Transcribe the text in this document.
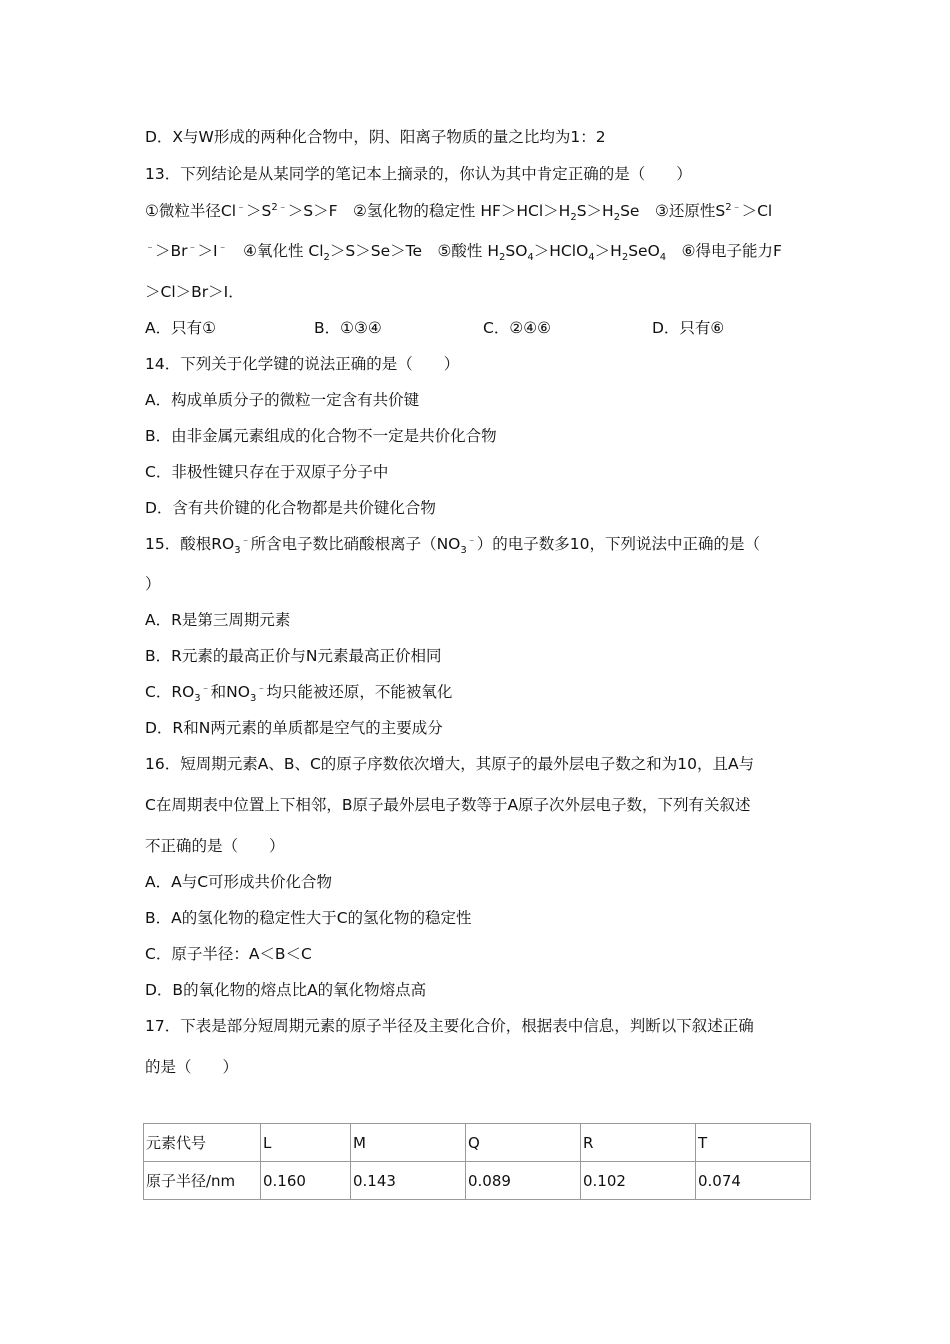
D．X与W形成的两种化合物中，阴、阳离子物质的量之比均为1：2
13．下列结论是从某同学的笔记本上摘录的，你认为其中肯定正确的是（　　）
①微粒半径$Cl^﹣>S^{2﹣}>S>F$　②氢化物的稳定性 $HF>HCl>H_2S>H_2Se$　③还原性$S^{2﹣}>Cl$
﹣＞Br﹣＞I﹣　④氧化性 $Cl_2>S>Se>Te$　⑤酸性 $H_2SO_4>HClO_4>H_2SeO_4$　⑥得电子能力F
＞Cl＞Br＞I．
A．只有①	B．①③④	C．②④⑥	D．只有⑥
14．下列关于化学键的说法正确的是（　　）
A．构成单质分子的微粒一定含有共价键
B．由非金属元素组成的化合物不一定是共价化合物
C．非极性键只存在于双原子分子中
D．含有共价键的化合物都是共价键化合物
15．酸根$RO_3^﹣$所含电子数比硝酸根离子$(NO_3^﹣)$的电子数多10，下列说法中正确的是（
）
A．R是第三周期元素
B．R元素的最高正价与N元素最高正价相同
C．$RO_3^﹣$和$NO_3^﹣$均只能被还原，不能被氧化
D．R和N两元素的单质都是空气的主要成分
16．短周期元素A、B、C的原子序数依次增大，其原子的最外层电子数之和为10，且A与
C在周期表中位置上下相邻，B原子最外层电子数等于A原子次外层电子数，下列有关叙述
不正确的是（　　）
A．A与C可形成共价化合物
B．A的氢化物的稳定性大于C的氢化物的稳定性
C．原子半径：A＜B＜C
D．B的氧化物的熔点比A的氧化物熔点高
17．下表是部分短周期元素的原子半径及主要化合价，根据表中信息，判断以下叙述正确
的是（　　）
元素代号	L	M	Q	R	T
原子半径/nm	0.160	0.143	0.089	0.102	0.074
